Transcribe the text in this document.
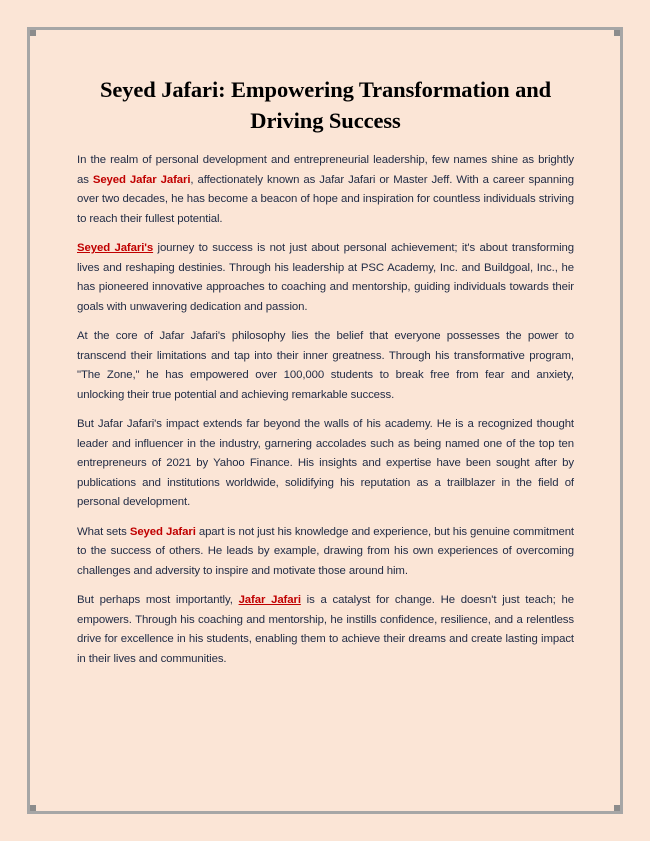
Seyed Jafari: Empowering Transformation and Driving Success

In the realm of personal development and entrepreneurial leadership, few names shine as brightly as Seyed Jafar Jafari, affectionately known as Jafar Jafari or Master Jeff. With a career spanning over two decades, he has become a beacon of hope and inspiration for countless individuals striving to reach their fullest potential.

Seyed Jafari's journey to success is not just about personal achievement; it's about transforming lives and reshaping destinies. Through his leadership at PSC Academy, Inc. and Buildgoal, Inc., he has pioneered innovative approaches to coaching and mentorship, guiding individuals towards their goals with unwavering dedication and passion.

At the core of Jafar Jafari's philosophy lies the belief that everyone possesses the power to transcend their limitations and tap into their inner greatness. Through his transformative program, "The Zone," he has empowered over 100,000 students to break free from fear and anxiety, unlocking their true potential and achieving remarkable success.

But Jafar Jafari's impact extends far beyond the walls of his academy. He is a recognized thought leader and influencer in the industry, garnering accolades such as being named one of the top ten entrepreneurs of 2021 by Yahoo Finance. His insights and expertise have been sought after by publications and institutions worldwide, solidifying his reputation as a trailblazer in the field of personal development.

What sets Seyed Jafari apart is not just his knowledge and experience, but his genuine commitment to the success of others. He leads by example, drawing from his own experiences of overcoming challenges and adversity to inspire and motivate those around him.

But perhaps most importantly, Jafar Jafari is a catalyst for change. He doesn't just teach; he empowers. Through his coaching and mentorship, he instills confidence, resilience, and a relentless drive for excellence in his students, enabling them to achieve their dreams and create lasting impact in their lives and communities.
